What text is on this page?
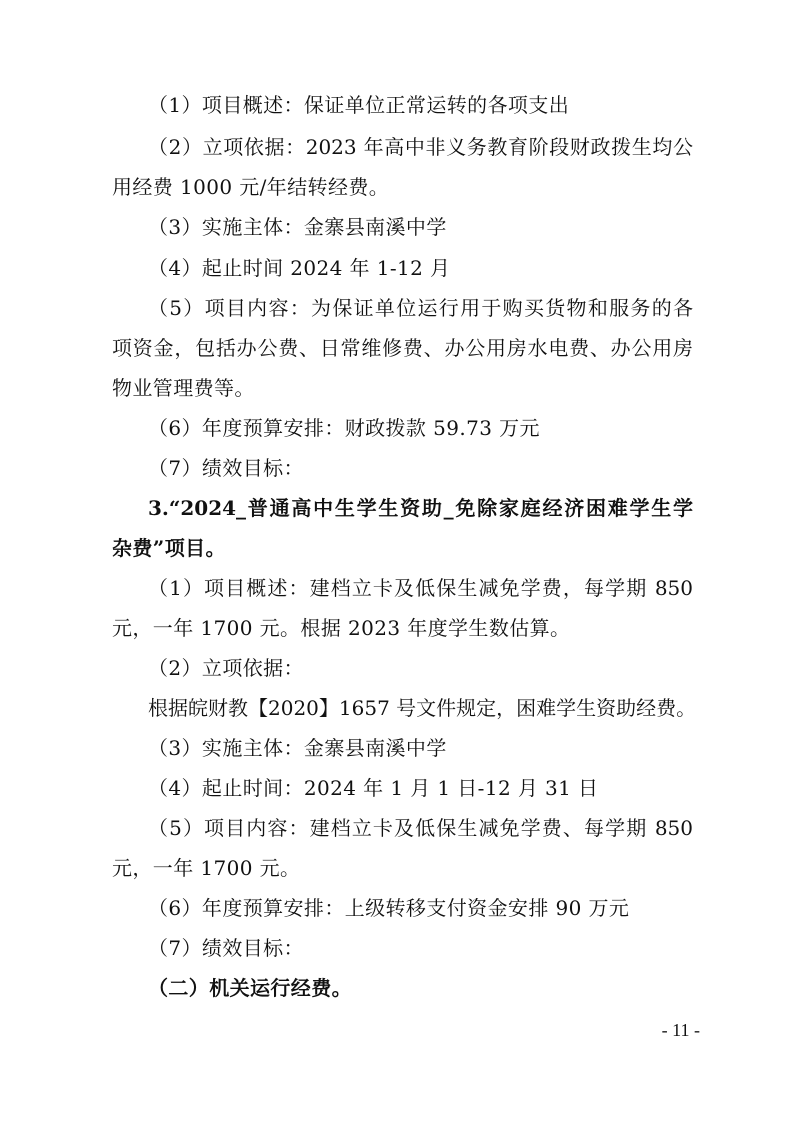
（1）项目概述：保证单位正常运转的各项支出
（2）立项依据：2023 年高中非义务教育阶段财政拨生均公
用经费 1000 元/年结转经费。
（3）实施主体：金寨县南溪中学
（4）起止时间 2024 年 1-12 月
（5）项目内容：为保证单位运行用于购买货物和服务的各
项资金，包括办公费、日常维修费、办公用房水电费、办公用房
物业管理费等。
（6）年度预算安排：财政拨款 59.73 万元
（7）绩效目标：
3.“2024_普通高中生学生资助_免除家庭经济困难学生学
杂费”项目。
（1）项目概述：建档立卡及低保生减免学费，每学期 850
元，一年 1700 元。根据 2023 年度学生数估算。
（2）立项依据：
根据皖财教【2020】1657 号文件规定，困难学生资助经费。
（3）实施主体：金寨县南溪中学
（4）起止时间：2024 年 1 月 1 日-12 月 31 日
（5）项目内容：建档立卡及低保生减免学费、每学期 850
元，一年 1700 元。
（6）年度预算安排：上级转移支付资金安排 90 万元
（7）绩效目标：
（二）机关运行经费。
- 11 -
